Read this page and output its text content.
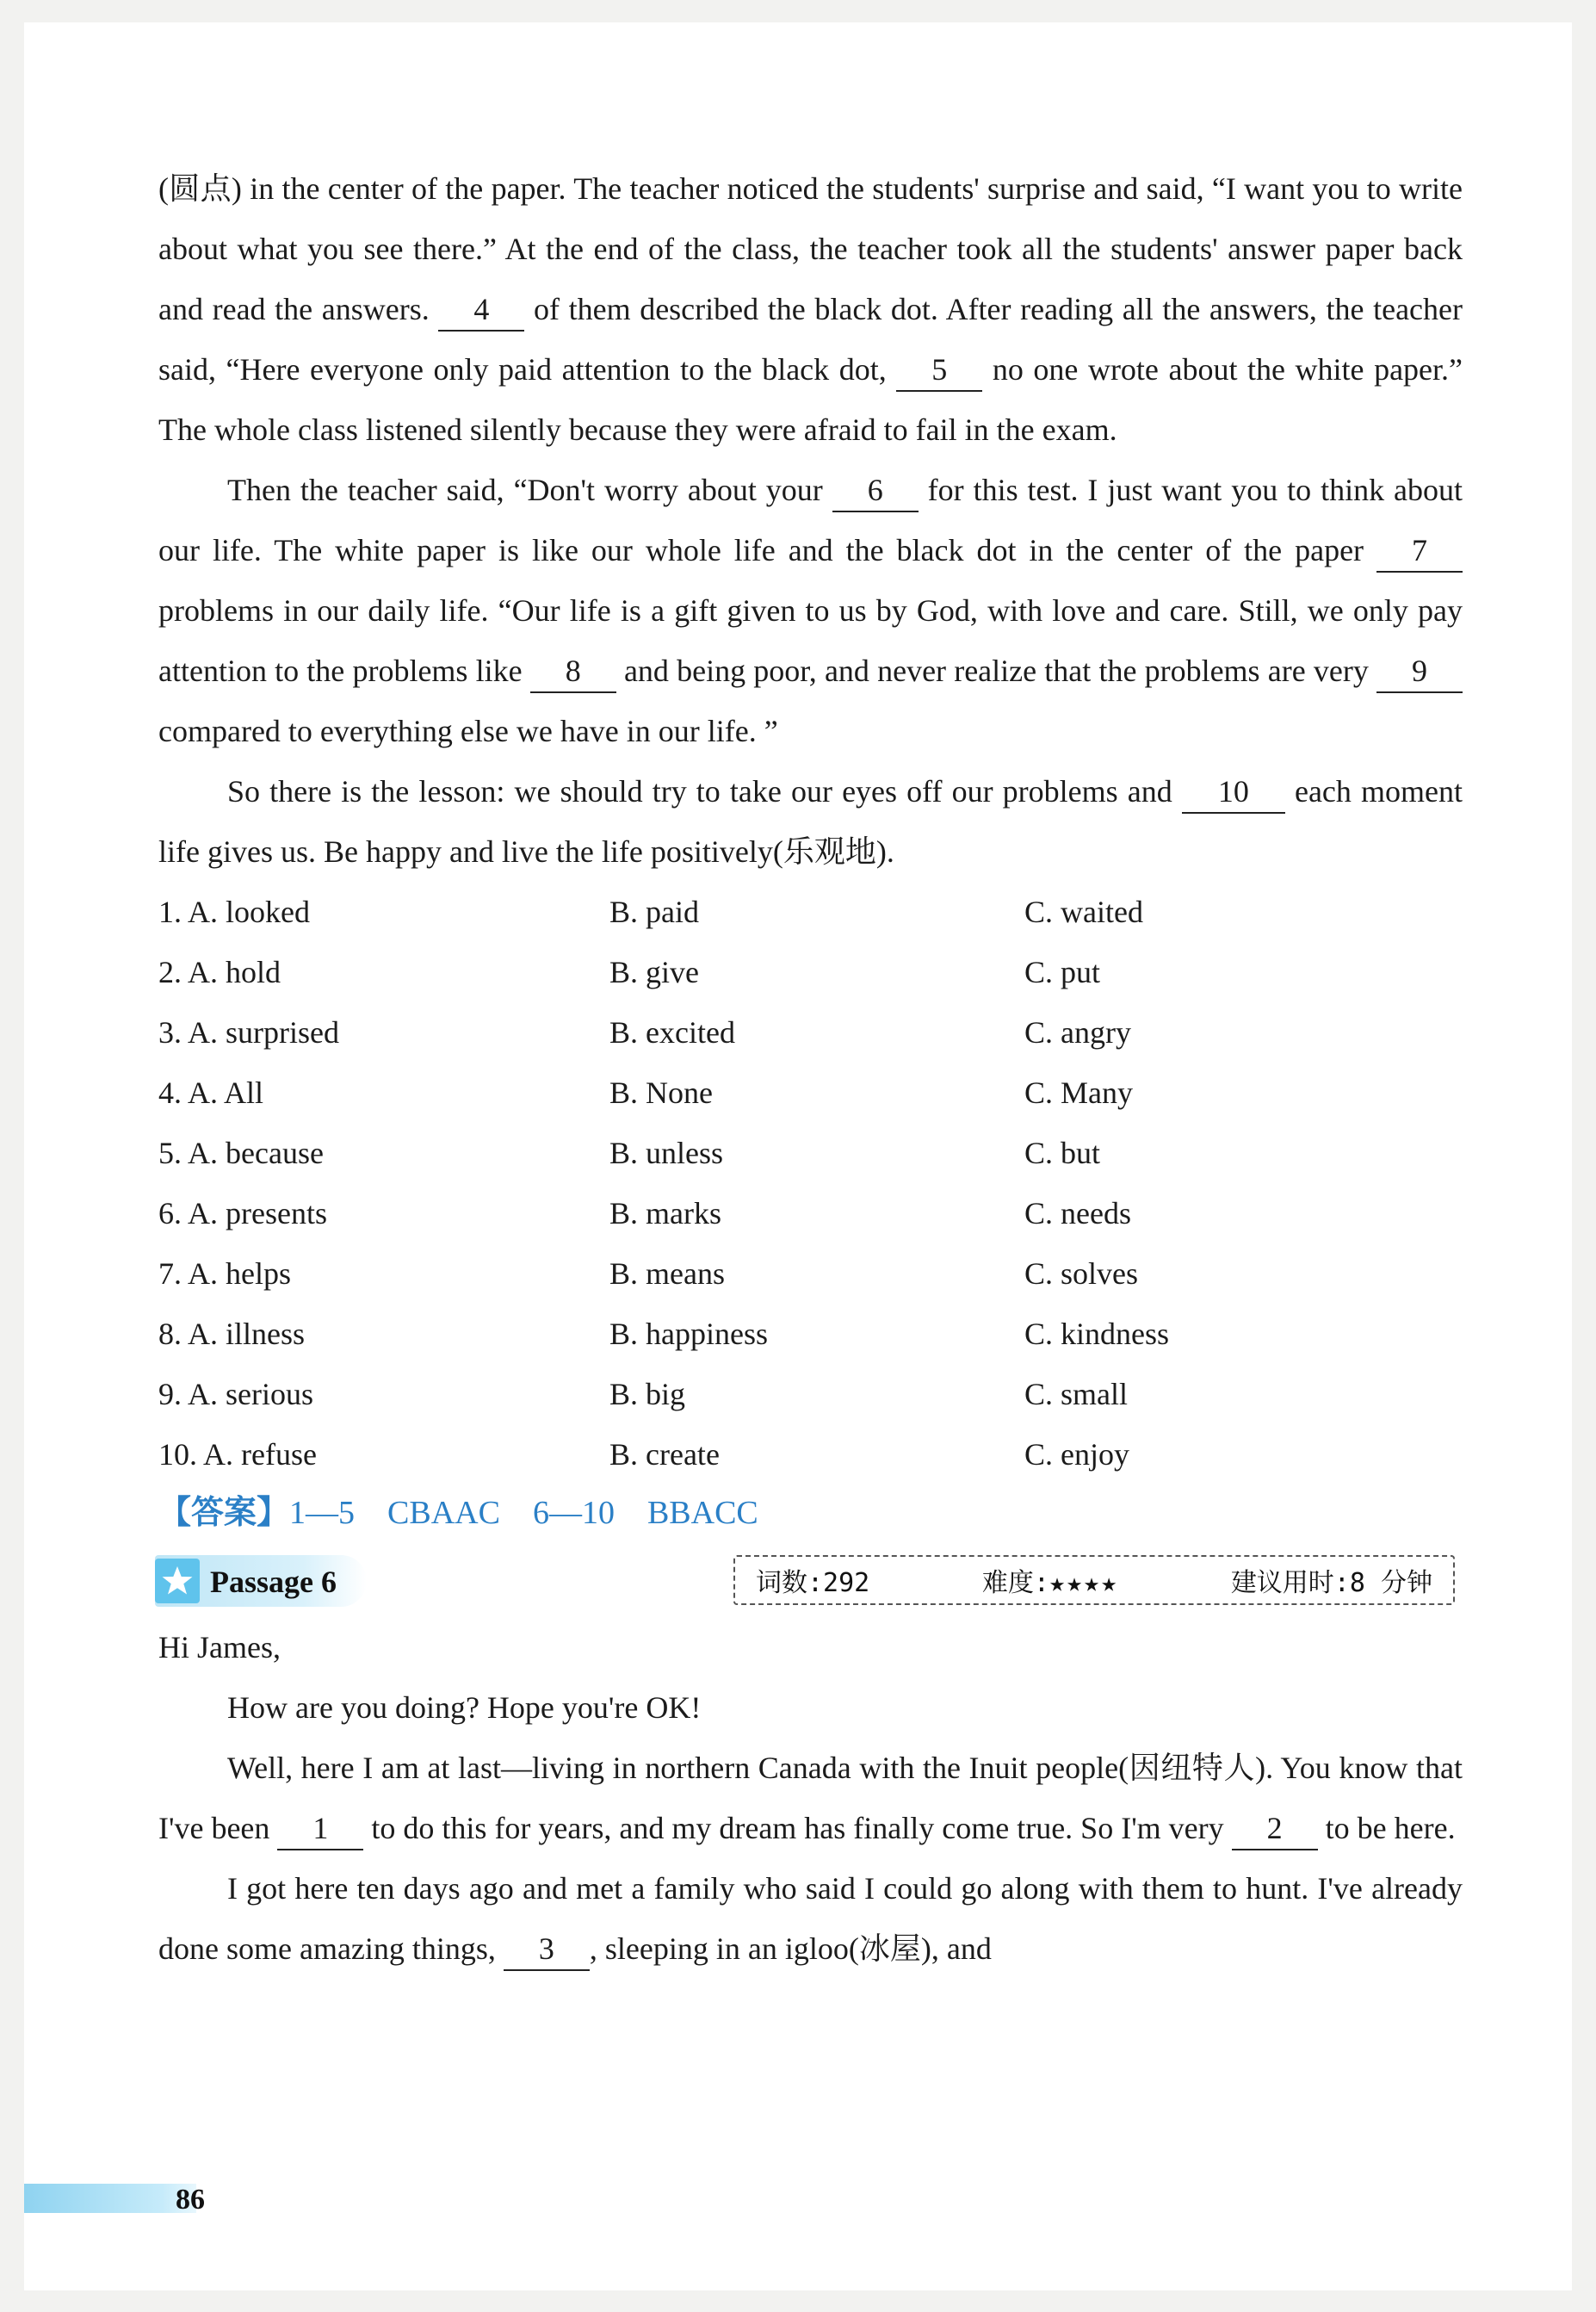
(圆点) in the center of the paper. The teacher noticed the students' surprise and said, “I want you to write about what you see there.” At the end of the class, the teacher took all the students' answer paper back and read the answers. 4 of them described the black dot. After reading all the answers, the teacher said, “Here everyone only paid attention to the black dot, 5 no one wrote about the white paper.” The whole class listened silently because they were afraid to fail in the exam.

Then the teacher said, “Don't worry about your 6 for this test. I just want you to think about our life. The white paper is like our whole life and the black dot in the center of the paper 7 problems in our daily life. “Our life is a gift given to us by God, with love and care. Still, we only pay attention to the problems like 8 and being poor, and never realize that the problems are very 9 compared to everything else we have in our life. ”

So there is the lesson: we should try to take our eyes off our problems and 10 each moment life gives us. Be happy and live the life positively(乐观地).

1. A. looked	B. paid	C. waited
2. A. hold	B. give	C. put
3. A. surprised	B. excited	C. angry
4. A. All	B. None	C. Many
5. A. because	B. unless	C. but
6. A. presents	B. marks	C. needs
7. A. helps	B. means	C. solves
8. A. illness	B. happiness	C. kindness
9. A. serious	B. big	C. small
10. A. refuse	B. create	C. enjoy
【答案】1—5 CBAAC 6—10 BBACC
Passage 6	词数:292	难度:★★★★	建议用时:8 分钟

Hi James,

How are you doing? Hope you're OK!

Well, here I am at last—living in northern Canada with the Inuit people(因纽特人). You know that I've been 1 to do this for years, and my dream has finally come true. So I'm very 2 to be here.

I got here ten days ago and met a family who said I could go along with them to hunt. I've already done some amazing things, 3 , sleeping in an igloo(冰屋), and

86
